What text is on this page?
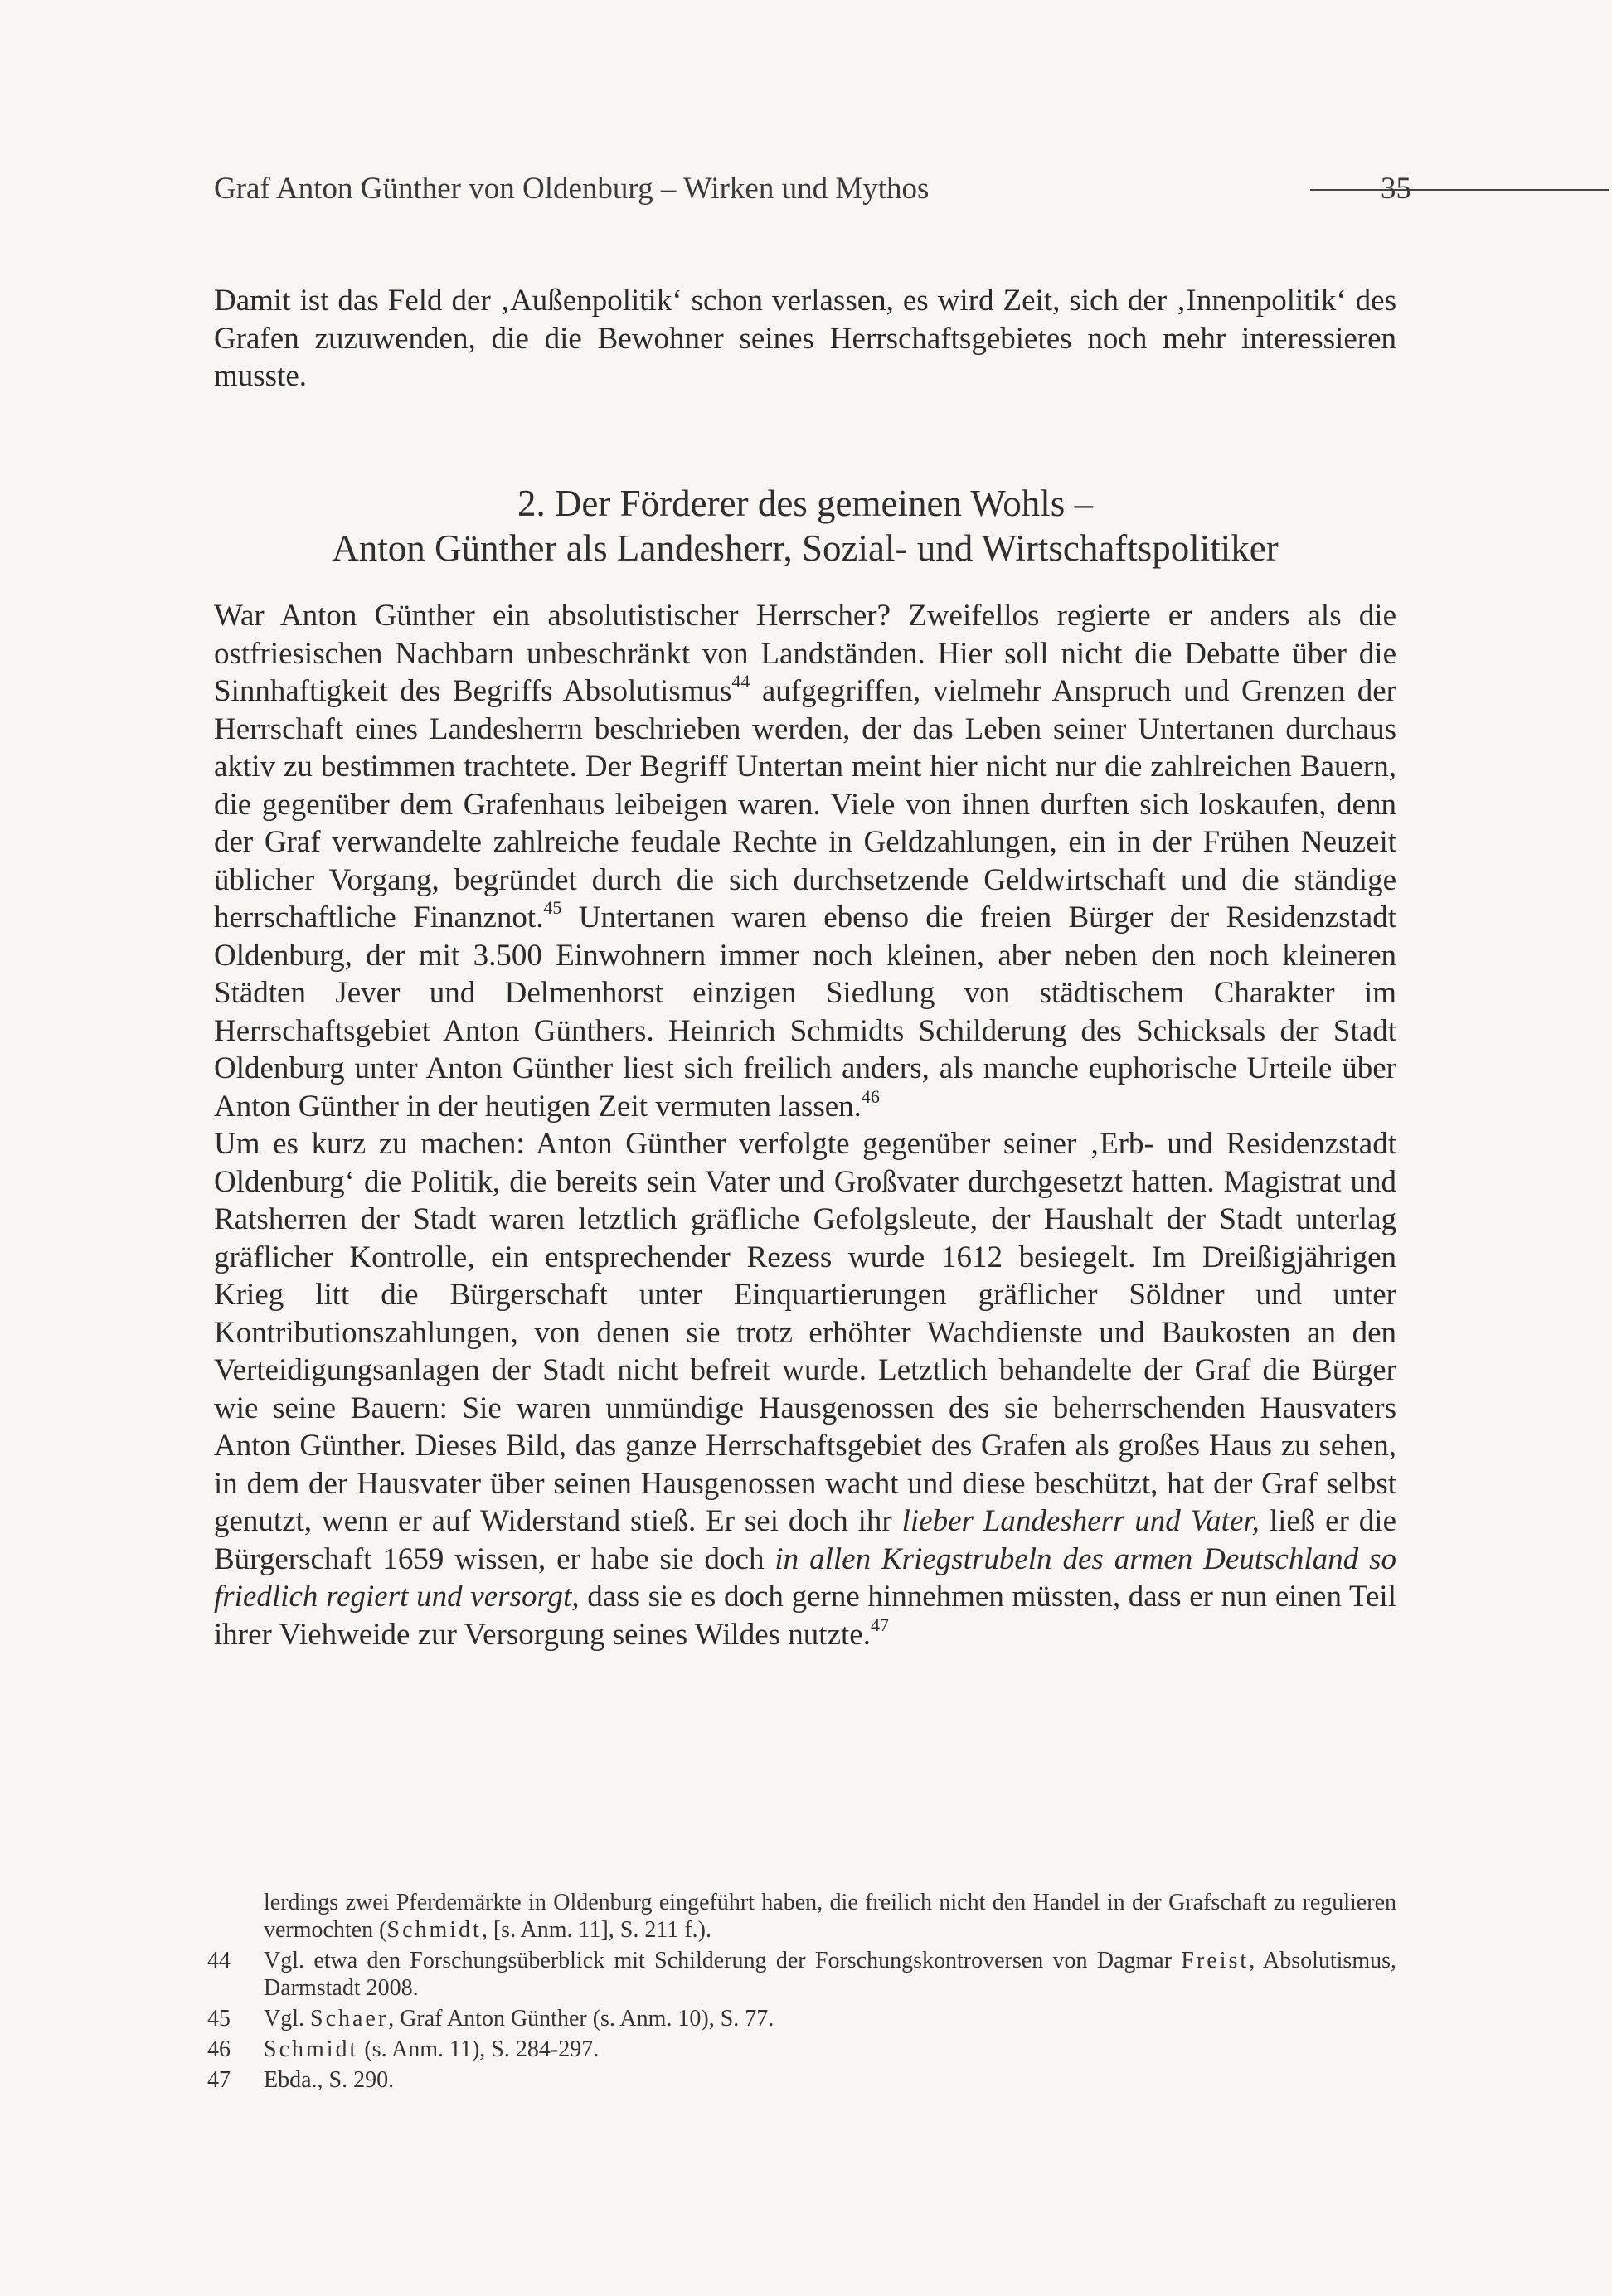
Graf Anton Günther von Oldenburg – Wirken und Mythos	35

Damit ist das Feld der ‚Außenpolitik‘ schon verlassen, es wird Zeit, sich der ‚Innenpolitik‘ des Grafen zuzuwenden, die die Bewohner seines Herrschaftsgebietes noch mehr interessieren musste.

2. Der Förderer des gemeinen Wohls –
Anton Günther als Landesherr, Sozial- und Wirtschaftspolitiker

War Anton Günther ein absolutistischer Herrscher? Zweifellos regierte er anders als die ostfriesischen Nachbarn unbeschränkt von Landständen. Hier soll nicht die Debatte über die Sinnhaftigkeit des Begriffs Absolutismus$^{44}$ aufgegriffen, vielmehr Anspruch und Grenzen der Herrschaft eines Landesherrn beschrieben werden, der das Leben seiner Untertanen durchaus aktiv zu bestimmen trachtete. Der Begriff Untertan meint hier nicht nur die zahlreichen Bauern, die gegenüber dem Grafenhaus leibeigen waren. Viele von ihnen durften sich loskaufen, denn der Graf verwandelte zahlreiche feudale Rechte in Geldzahlungen, ein in der Frühen Neuzeit üblicher Vorgang, begründet durch die sich durchsetzende Geldwirtschaft und die ständige herrschaftliche Finanznot.$^{45}$ Untertanen waren ebenso die freien Bürger der Residenzstadt Oldenburg, der mit 3.500 Einwohnern immer noch kleinen, aber neben den noch kleineren Städten Jever und Delmenhorst einzigen Siedlung von städtischem Charakter im Herrschaftsgebiet Anton Günthers. Heinrich Schmidts Schilderung des Schicksals der Stadt Oldenburg unter Anton Günther liest sich freilich anders, als manche euphorische Urteile über Anton Günther in der heutigen Zeit vermuten lassen.$^{46}$

Um es kurz zu machen: Anton Günther verfolgte gegenüber seiner ‚Erb- und Residenzstadt Oldenburg‘ die Politik, die bereits sein Vater und Großvater durchgesetzt hatten. Magistrat und Ratsherren der Stadt waren letztlich gräfliche Gefolgsleute, der Haushalt der Stadt unterlag gräflicher Kontrolle, ein entsprechender Rezess wurde 1612 besiegelt. Im Dreißigjährigen Krieg litt die Bürgerschaft unter Einquartierungen gräflicher Söldner und unter Kontributionszahlungen, von denen sie trotz erhöhter Wachdienste und Baukosten an den Verteidigungsanlagen der Stadt nicht befreit wurde. Letztlich behandelte der Graf die Bürger wie seine Bauern: Sie waren unmündige Hausgenossen des sie beherrschenden Hausvaters Anton Günther. Dieses Bild, das ganze Herrschaftsgebiet des Grafen als großes Haus zu sehen, in dem der Hausvater über seinen Hausgenossen wacht und diese beschützt, hat der Graf selbst genutzt, wenn er auf Widerstand stieß. Er sei doch ihr lieber Landesherr und Vater, ließ er die Bürgerschaft 1659 wissen, er habe sie doch in allen Kriegstrubeln des armen Deutschland so friedlich regiert und versorgt, dass sie es doch gerne hinnehmen müssten, dass er nun einen Teil ihrer Viehweide zur Versorgung seines Wildes nutzte.$^{47}$

lerdings zwei Pferdemärkte in Oldenburg eingeführt haben, die freilich nicht den Handel in der Grafschaft zu regulieren vermochten (Schmidt, [s. Anm. 11], S. 211 f.).
44 Vgl. etwa den Forschungsüberblick mit Schilderung der Forschungskontroversen von Dagmar Freist, Absolutismus, Darmstadt 2008.
45 Vgl. Schaer, Graf Anton Günther (s. Anm. 10), S. 77.
46 Schmidt (s. Anm. 11), S. 284-297.
47 Ebda., S. 290.
